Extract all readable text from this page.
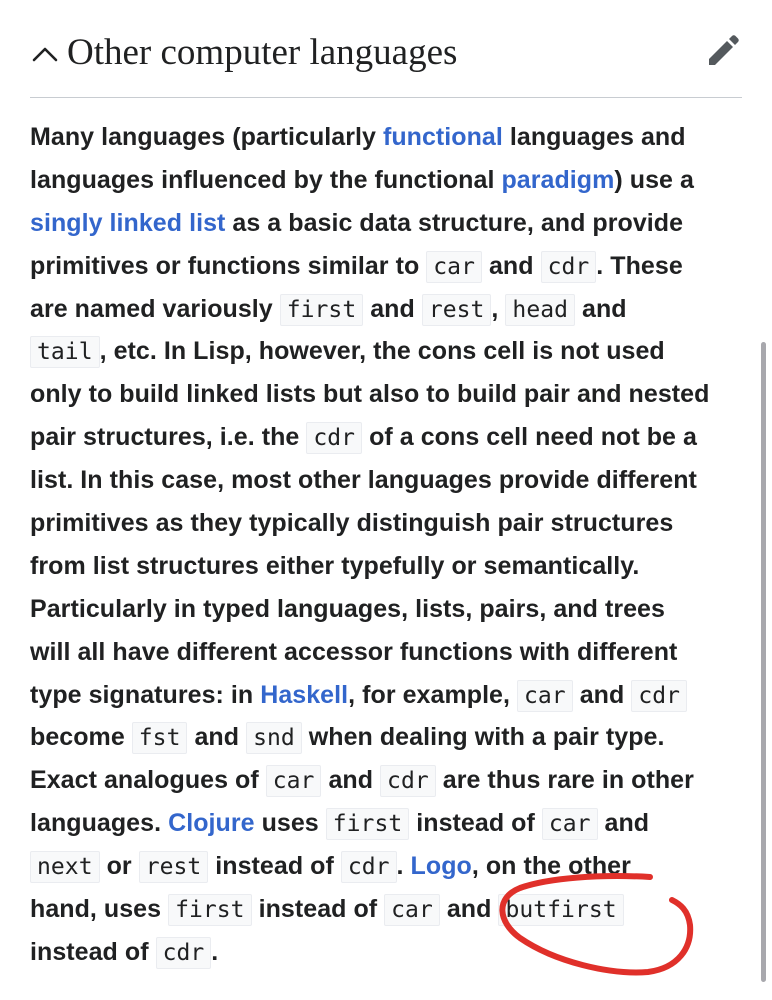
Other computer languages
Many languages (particularly functional languages and
languages influenced by the functional paradigm) use a
singly linked list as a basic data structure, and provide
primitives or functions similar to car and cdr . These
are named variously first and rest , head and
tail , etc. In Lisp, however, the cons cell is not used
only to build linked lists but also to build pair and nested
pair structures, i.e. the cdr of a cons cell need not be a
list. In this case, most other languages provide different
primitives as they typically distinguish pair structures
from list structures either typefully or semantically.
Particularly in typed languages, lists, pairs, and trees
will all have different accessor functions with different
type signatures: in Haskell, for example, car and cdr
become fst and snd when dealing with a pair type.
Exact analogues of car and cdr are thus rare in other
languages. Clojure uses first instead of car and
next or rest instead of cdr . Logo, on the other
hand, uses first instead of car and butfirst
instead of cdr .
